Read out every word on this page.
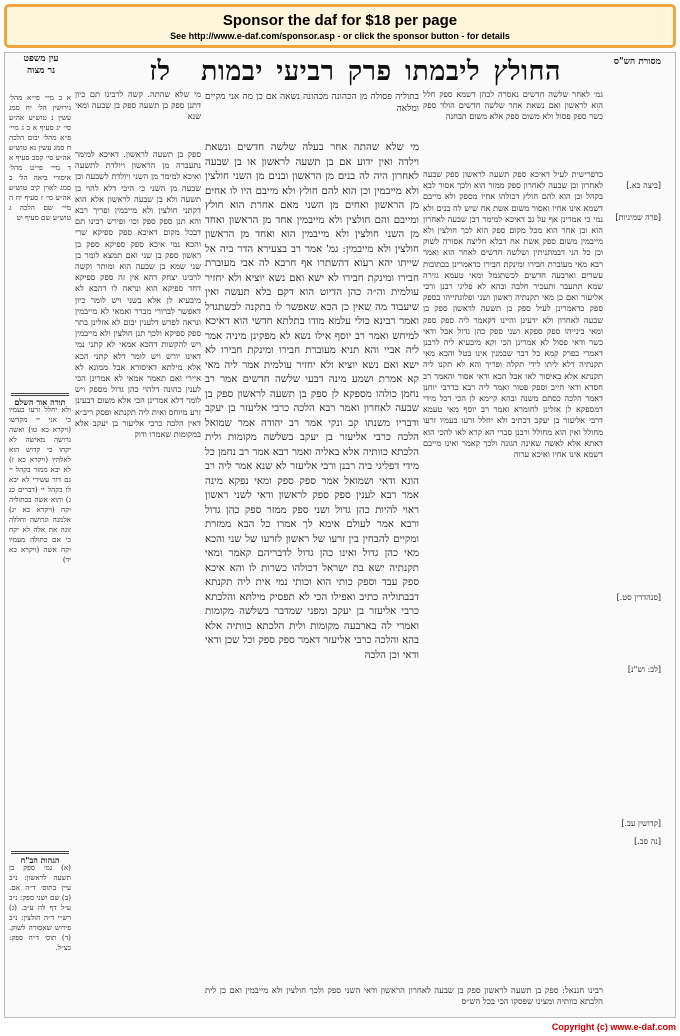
Sponsor the daf for $18 per page
See http://www.e-daf.com/sponsor.asp - or click the sponsor button - for details
עין משפט
נר מצוה	החולץ
ליבמתו
פרק
רביעי
יבמות
לז	מסורת הש"ס
א ב מיי׳ פי״א מהל׳ גירושין הל׳ יח סמג עשין נ טוש״ע אה״ע סי׳ יג סעיף א ב ג מיי׳ פ״א מהל׳ יבום הלכה ח סמג עשין נא טוש״ע אה״ע סי׳ קסב סעיף א ד מיי׳ פי״ט מהל׳ איסורי ביאה הל׳ ב סמג לאוין קיב טוש״ע אה״ע סי׳ ז סעיף יח ה מיי׳ שם הלכה ג טוש״ע שם סעיף יט
תורה אור השלם
ולא יחלל זרעו בעמיו כי אני יי מקדשו (ויקרא כא טו) ואשה גרושה מאישה לא יקחו כי קדוש הוא לאלהיו (ויקרא כא ז) לא יבא ממזר בקהל יי גם דור עשירי לא יבא לו בקהל יי (דברים כג ג) והוא אשה בבתוליה יקח (ויקרא כא יג) אלמנה וגרושה וחללה זונה את אלה לא יקח כי אם בתולה מעמיו יקח אשה (ויקרא כא יד)
הגהות הב"ח
(א) גמ׳ ספק בן תשעה לראשון: נ״ב עיין בתוס׳ ד״ה אם. (ב) שם ושני ספק: נ״ב ע״ל דף לה ע״ב. (ג) רש״י ד״ה חולצין: נ״ב פירוש שאסורה לשוק. (ד) תוס׳ ד״ה ספק: כצ״ל.
מי שלא שהתה. קשה לרבינו תם כיון דתנן ספק בן תשעה ספק בן שבעה ומאי שנא
ספק בן תשעה לראשון. דאיכא למימר נתעברה מן הראשון ויולדת לתשעה ואיכא למימר מן השני ויולדת לשבעה ובן שבעה מן השני כי היכי דלא להוי בן תשעה ולא בן שבעה לראשון אלא הוא דקתני חולצין ולא מייבמין ופריך רבא והא תנן ספק ספק וכו׳ ופירש רבינו תם דבכל מקום דאיכא ספק ספיקא שרי והכא נמי איכא ספק ספיקא ספק בן ראשון ספק בן שני ואם תמצא לומר בן שני שמא בן שבעה הוא ומותר וקשה לרבינו יצחק דהא אין זה ספק ספיקא דחד ספיקא הוא ונראה לו דהכא לא מיבעיא לן אלא בשני ויש לומר כיון דאפשר לברורי מברר ואמאי לא מייבמין ונראה לפרש דלענין יבום לא אזלינן בתר ספק ספיקא ולכך תנן חולצין ולא מייבמין ויש להקשות דהכא אמאי לא קתני נמי דאינו יורש ויש לומר דלא קתני הכא אלא מילתא דאיסורא אבל ממונא לא איירי ואם תאמר אמאי לא אמרינן הכי לענין כהונה דלהוי כהן גדול מספק ויש לומר דלא אמרינן הכי אלא משום דבעינן זרע מיוחס ואית ליה תקנתא ופסק ריב״א דאין הלכה כרבי אליעזר בן יעקב אלא במקומות שאמרו ודוק
בתוליה פסולה מן הכהונה מכהונה נשאה אם כן מה אני מקיים ומלאה
מי שלא שהתה אחר בעלה שלשה חדשים ונשאת וילדה ואין ידוע אם בן תשעה לראשון או בן שבעה לאחרון היה לה בנים מן הראשון ובנים מן השני חולצין ולא מייבמין וכן הוא להם חולץ ולא מייבם היו לו אחים מן הראשון ואחים מן השני מאם אחרת הוא חולץ ומייבם והם חולצין ולא מייבמין אחד מן הראשון ואחד מן השני חולצין ולא מייבמין הוא ואחד מן הראשון חולצין ולא מייבמין: גמ' אמר רב בצעירא הדר ביה אל שייתו יהא רעוא דהשתרו אף חרבא לה אבי מעוברת חבירו ומינקת חבירו לא ישא ואם נשא יוציא ולא יחזיר עולמית וה״ה כהן הדיוט הוא דקם בלא תעשה ואין שיעבוד מה שאין כן הכא שאפשר לו בתקנה לכשתגדל ואמר רבינא כולי עלמא מודו בתלתא חדשי הוא דאיכא למיחש ואמר רב יוסף אילו נשא לא מפקינן מיניה אמר ליה אביי והא תניא מעוברת חבירו ומינקת חבירו לא ישא ואם נשא יוציא ולא יחזיר עולמית אמר ליה מאי קא אמרת ושמע מינה דבעי שלשה חדשים אמר רב נחמן כולהו מספקא לן ספק בן תשעה לראשון ספק בן שבעה לאחרון ואמר רבא הלכה כרבי אליעזר בן יעקב ודבריו משנתו קב ונקי אמר רב יהודה אמר שמואל הלכה כרבי אליעזר בן יעקב בשלשה מקומות ולית הלכתא כוותיה אלא באליה ואמר רבא אמר רב נחמן כל מידי דפליגי ביה רבנן ורבי אליעזר לא שנא אמר ליה רב הונא ודאי ושמואל אמר ספק ספק ומאי נפקא מינה אמר רבא לענין ספק ספק לראשון ודאי לשני ראשון ראוי להיות כהן גדול ושני ספק ממזר ספק כהן גדול ורבא אמר לעולם אימא לך אמרו כל הבא ממזרת ומקיים להבחין בין זרעו של ראשון לזרעו של שני והכא מאי כהן גדול ואינו כהן גדול לדבריהם קאמר ומאי תקנתיה ישא בת ישראל דכולהו כשרות לו והא איכא ספק עבד וספק כותי הוא וכותי נמי אית ליה תקנתא דבבתוליה כתיב ואפילו הכי לא תפסיק מילתא והלכתא כרבי אליעזר בן יעקב ומפני שמדבר בשלשה מקומות ואמרי לה בארבעה מקומות ולית הלכתא כוותיה אלא בהא והלכה כרבי אליעזר דאמר ספק ספק וכל שכן ודאי ודאי וכן הלכה
גמ׳ לאחר שלשה חדשים נאסרה לכהן דשמא ספק חלל הוא לראשון ואם נשאת אחר שלשה חדשים הולד ספק כשר ספק פסול ולא משום ספק אלא משום הבחנה
כדפרישית לעיל דאיכא ספק תשעה לראשון ספק שבעה לאחרון ובן שבעה לאחרון ספק ממזר הוא ולכך אסור לבא בקהל וכן הוא להם חולץ דכולהו אחיו מספק ולא מייבם דשמא אינו אחיו ואסור משום אשת אח שיש לה בנים ולא נמי כי אמרינן אף על גב דאיכא למימר דבן שבעה לאחרון הוא ובן אחר הוא מכל מקום ספק הוא לכך חולצין ולא מייבמין משום ספק אשת אח דבלא חליצה אסורה לשוק וכן כל הני דבמתניתין ושלשה חדשים לאחר הוא ואמר רבא מאי מעוברת חבירו ומינקת חבירו כדאמרינן בכתובות עשרים וארבעה חדשים לכשתגמל ומאי טעמא גזירה שמא תתעבר ותעכיר חלבה ובהא לא פליגי רבנן ורבי אליעזר ואם כן מאי תקנתיה ראשון ושני ופלוגתייהו בספק ספק כדאמרינן לעיל ספק בן תשעה לראשון ספק בן שבעה לאחרון ולא ידעינן והיינו דקאמר ליה ספק ספק ומאי בינייהו ספק ספקא ושני ספק כהן גדול אבל ודאי כשר ודאי פסול לא אמרינן הכי וקא מיבעיא ליה לרבנן דאמרי בפרק קמא כל דבר שבמנין אינו בטל והכא מאי תקנתיה דלא ליתו לידי תקלה ופריך והא לא תקנו ליה תקנתא אלא באיסור לאו אבל הכא ודאי אסור והאמר רב חסדא ודאי חייב וספק פטור ואמר ליה רבא כדרבי יוחנן דאמר הלכה כסתם משנה ובהא קיימא לן הכי דכל מידי דמספקא לן אזלינן לחומרא ואמר רב יוסף מאי טעמא דרבי אליעזר בן יעקב דכתיב ולא יחלל זרעו בעמיו זרעו מחולל ואין הוא מחולל ורבנן סברי הא קרא לאו להכי הוא דאתא אלא לאשה שאינה הגונה ולכך קאמר ואינו מייבם דשמא אינו אחיו ואיכא ערוה
[ביצה כא.]
[פרה שמיניות]
[סנהדרין סט.]
[לב: וש"נ]
[קדושין עב.]
[נה סב.]
רבינו חננאל: ספק בן תשעה לראשון ספק בן שבעה לאחרון הראשון ודאי השני ספק ולכך חולצין ולא מייבמין ואם כן לית הלכתא כוותיה ומצינו שפסקו הכי בכל הש״ס
Copyright (c) www.e-daf.com
